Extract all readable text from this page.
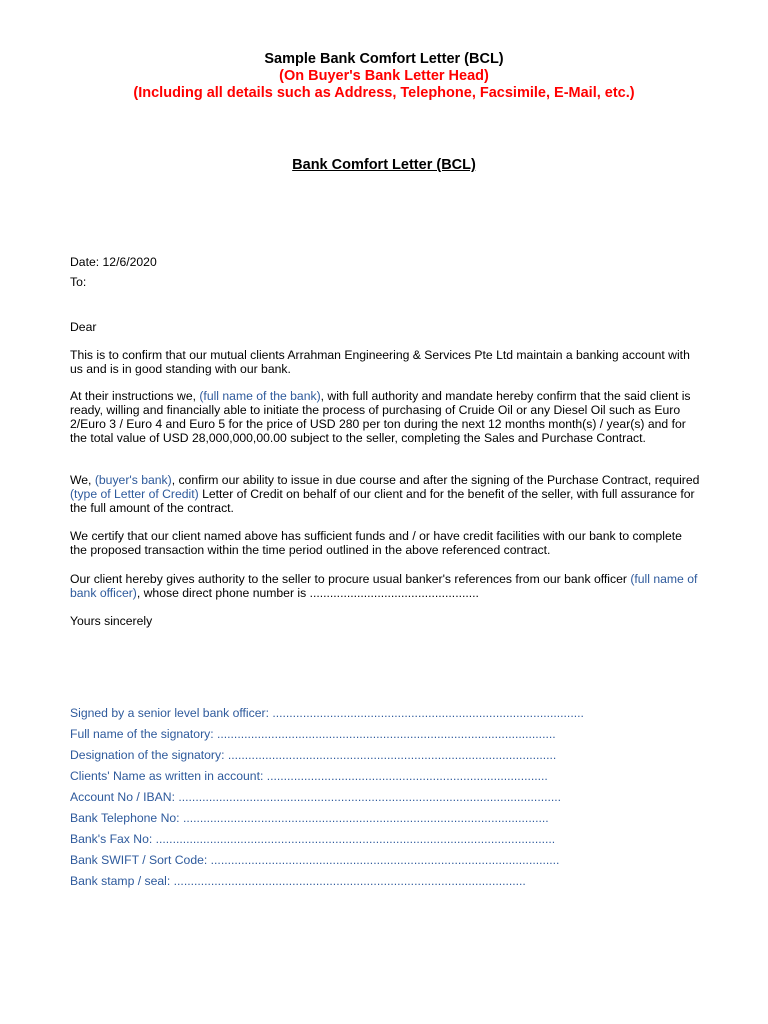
Sample Bank Comfort Letter (BCL)
(On Buyer's Bank Letter Head)
(Including all details such as Address, Telephone, Facsimile, E-Mail, etc.)
Bank Comfort Letter (BCL)
Date: 12/6/2020
To:
Dear
This is to confirm that our mutual clients Arrahman Engineering & Services Pte Ltd maintain a banking account with us and is in good standing with our bank.
At their instructions we, (full name of the bank), with full authority and mandate hereby confirm that the said client is ready, willing and financially able to initiate the process of purchasing of Cruide Oil or any Diesel Oil such as Euro 2/Euro 3 / Euro 4 and Euro 5 for the price of USD 280 per ton during the next 12 months month(s) / year(s) and for the total value of USD 28,000,000,00.00 subject to the seller, completing the Sales and Purchase Contract.
We, (buyer's bank), confirm our ability to issue in due course and after the signing of the Purchase Contract, required (type of Letter of Credit) Letter of Credit on behalf of our client and for the benefit of the seller, with full assurance for the full amount of the contract.
We certify that our client named above has sufficient funds and / or have credit facilities with our bank to complete the proposed transaction within the time period outlined in the above referenced contract.
Our client hereby gives authority to the seller to procure usual banker's references from our bank officer (full name of bank officer), whose direct phone number is ..................................................
Yours sincerely
Signed by a senior level bank officer: ............................................................................................
Full name of the signatory: ....................................................................................................
Designation of the signatory: .................................................................................................
Clients' Name as written in account: ...................................................................................
Account No / IBAN: .................................................................................................................
Bank Telephone No: ............................................................................................................
Bank's Fax No: ......................................................................................................................
Bank SWIFT / Sort Code: .......................................................................................................
Bank stamp / seal: ........................................................................................................
